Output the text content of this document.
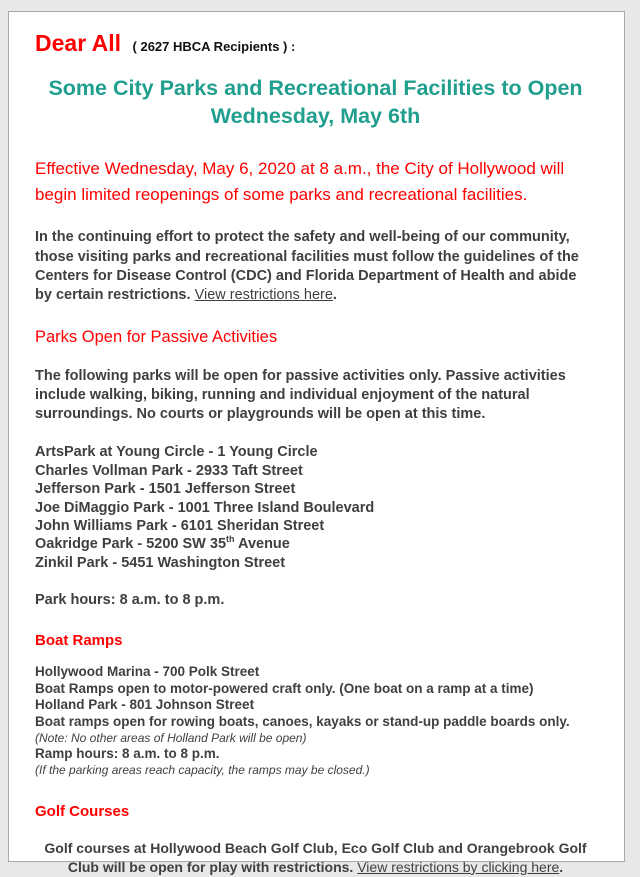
Dear All ( 2627 HBCA Recipients ) :

Some City Parks and Recreational Facilities to Open
Wednesday, May 6th

Effective Wednesday, May 6, 2020 at 8 a.m., the City of Hollywood will begin limited reopenings of some parks and recreational facilities.

In the continuing effort to protect the safety and well-being of our community, those visiting parks and recreational facilities must follow the guidelines of the Centers for Disease Control (CDC) and Florida Department of Health and abide by certain restrictions. View restrictions here.

Parks Open for Passive Activities

The following parks will be open for passive activities only. Passive activities include walking, biking, running and individual enjoyment of the natural surroundings. No courts or playgrounds will be open at this time.

ArtsPark at Young Circle - 1 Young Circle
Charles Vollman Park - 2933 Taft Street
Jefferson Park - 1501 Jefferson Street
Joe DiMaggio Park - 1001 Three Island Boulevard
John Williams Park - 6101 Sheridan Street
Oakridge Park - 5200 SW 35th Avenue
Zinkil Park - 5451 Washington Street

Park hours: 8 a.m. to 8 p.m.

Boat Ramps
Hollywood Marina - 700 Polk Street
Boat Ramps open to motor-powered craft only. (One boat on a ramp at a time)
Holland Park - 801 Johnson Street
Boat ramps open for rowing boats, canoes, kayaks or stand-up paddle boards only.
(Note: No other areas of Holland Park will be open)
Ramp hours: 8 a.m. to 8 p.m.
(If the parking areas reach capacity, the ramps may be closed.)
Golf Courses

Golf courses at Hollywood Beach Golf Club, Eco Golf Club and Orangebrook Golf Club will be open for play with restrictions. View restrictions by clicking here.
